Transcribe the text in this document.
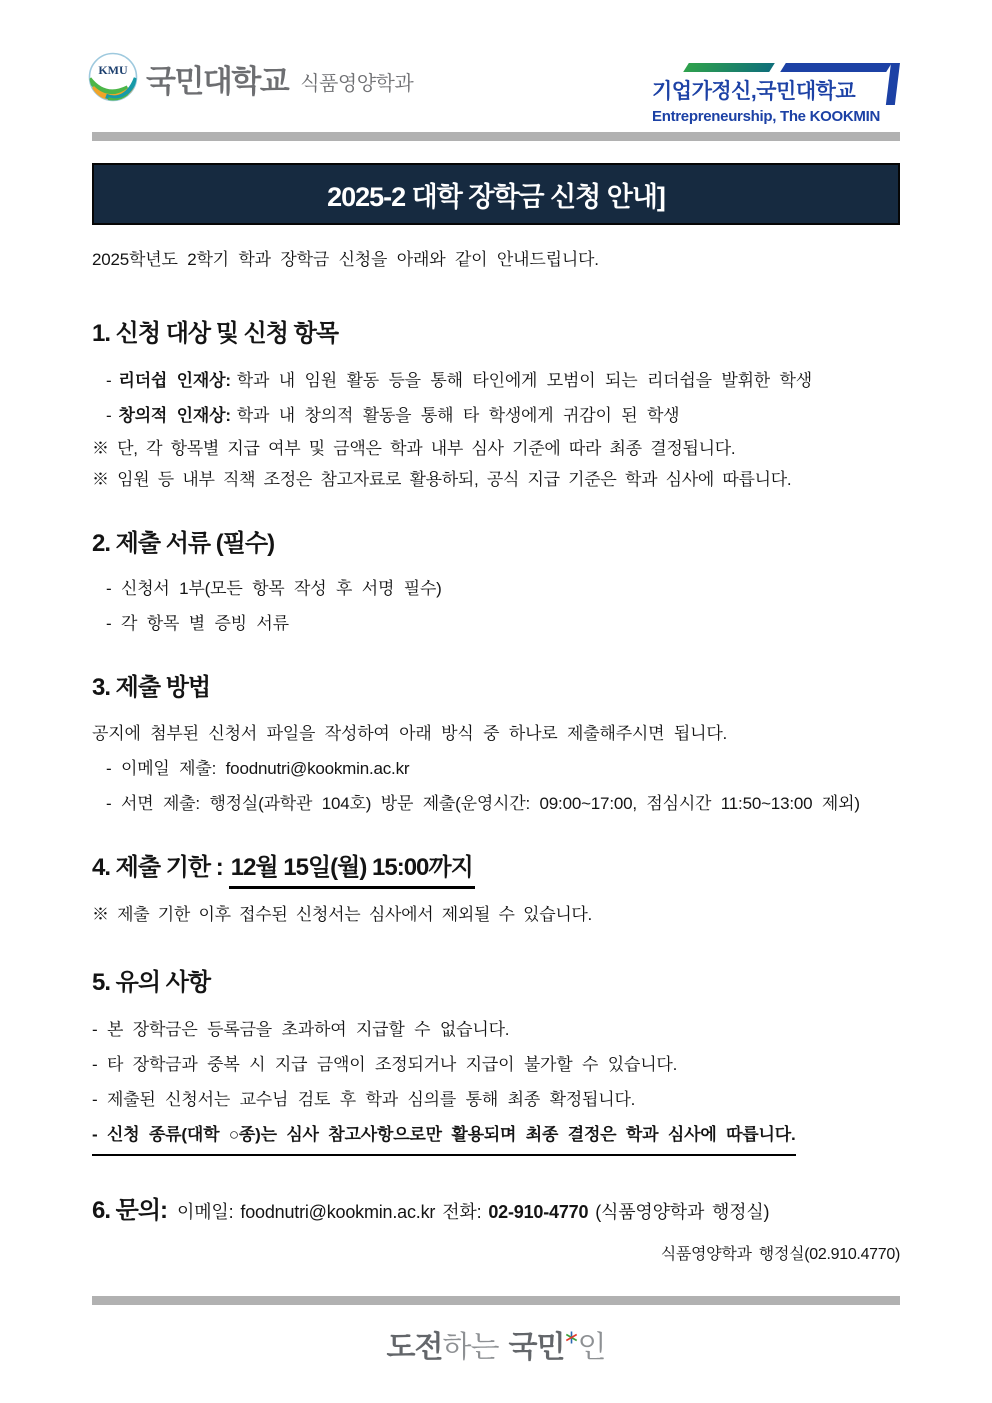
KMU 국민대학교 식품영양학과	기업가정신,국민대학교
Entrepreneurship, The KOOKMIN
2025-2 대학 장학금 신청 안내]
2025학년도 2학기 학과 장학금 신청을 아래와 같이 안내드립니다.
1. 신청 대상 및 신청 항목
- 리더쉽 인재상: 학과 내 임원 활동 등을 통해 타인에게 모범이 되는 리더쉽을 발휘한 학생
- 창의적 인재상: 학과 내 창의적 활동을 통해 타 학생에게 귀감이 된 학생
※ 단, 각 항목별 지급 여부 및 금액은 학과 내부 심사 기준에 따라 최종 결정됩니다.
※ 임원 등 내부 직책 조정은 참고자료로 활용하되, 공식 지급 기준은 학과 심사에 따릅니다.
2. 제출 서류 (필수)
- 신청서 1부(모든 항목 작성 후 서명 필수)
- 각 항목 별 증빙 서류
3. 제출 방법
공지에 첨부된 신청서 파일을 작성하여 아래 방식 중 하나로 제출해주시면 됩니다.
- 이메일 제출: foodnutri@kookmin.ac.kr
- 서면 제출: 행정실(과학관 104호) 방문 제출(운영시간: 09:00~17:00, 점심시간 11:50~13:00 제외)
4. 제출 기한 : 12월 15일(월) 15:00까지
※ 제출 기한 이후 접수된 신청서는 심사에서 제외될 수 있습니다.
5. 유의 사항
- 본 장학금은 등록금을 초과하여 지급할 수 없습니다.
- 타 장학금과 중복 시 지급 금액이 조정되거나 지급이 불가할 수 있습니다.
- 제출된 신청서는 교수님 검토 후 학과 심의를 통해 최종 확정됩니다.
- 신청 종류(대학 ○종)는 심사 참고사항으로만 활용되며 최종 결정은 학과 심사에 따릅니다.
6. 문의: 이메일: foodnutri@kookmin.ac.kr 전화: 02-910-4770 (식품영양학과 행정실)
식품영양학과 행정실(02.910.4770)
도전하는 국민 인
